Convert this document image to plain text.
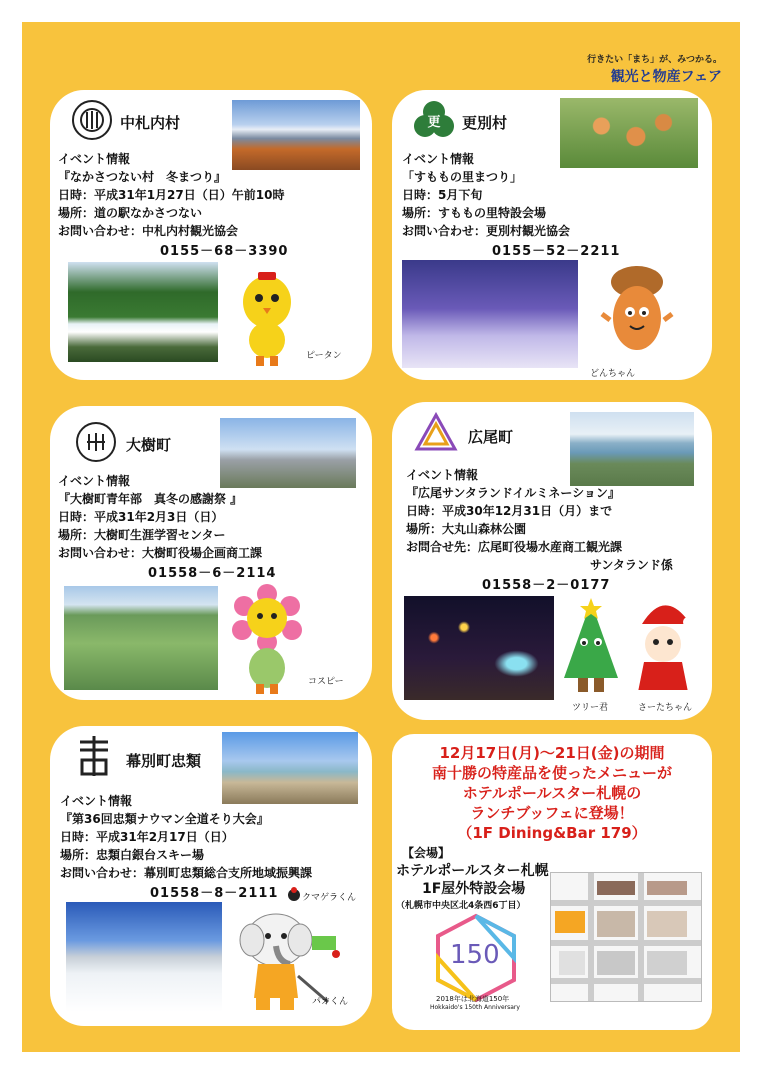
行きたい「まち」が、みつかる。
観光と物産フェア
中札内村
イベント情報
『なかさつない村　冬まつり』
日時：平成31年1月27日（日）午前10時
場所：道の駅なかさつない
お問い合わせ：中札内村観光協会
0155－68－3390
ピータン
更 更別村
イベント情報
「すももの里まつり」
日時：5月下旬
場所：すももの里特設会場
お問い合わせ：更別村観光協会
0155－52－2211
どんちゃん
大樹町
イベント情報
『大樹町青年部　真冬の感謝祭 』
日時：平成31年2月3日（日）
場所：大樹町生涯学習センター
お問い合わせ：大樹町役場企画商工課
01558－6－2114
コスピー
広尾町
イベント情報
『広尾サンタランドイルミネーション』
日時：平成30年12月31日（月）まで
場所：大丸山森林公園
お問合せ先：広尾町役場水産商工観光課
サンタランド係
01558－2－0177
ツリー君	さーたちゃん
幕別町忠類
イベント情報
『第36回忠類ナウマン全道そり大会』
日時：平成31年2月17日（日）
場所：忠類白銀台スキー場
お問い合わせ：幕別町忠類総合支所地域振興課
01558－8－2111	クマゲラくん
パオくん
12月17日(月)～21日(金)の期間
南十勝の特産品を使ったメニューが
ホテルポールスター札幌の
ランチブッフェに登場！
（1F Dining&Bar 179）
【会場】
ホテルポールスター札幌
1F屋外特設会場
（札幌市中央区北4条西6丁目）
150
2018年は北海道150年
Hokkaido's 150th Anniversary
